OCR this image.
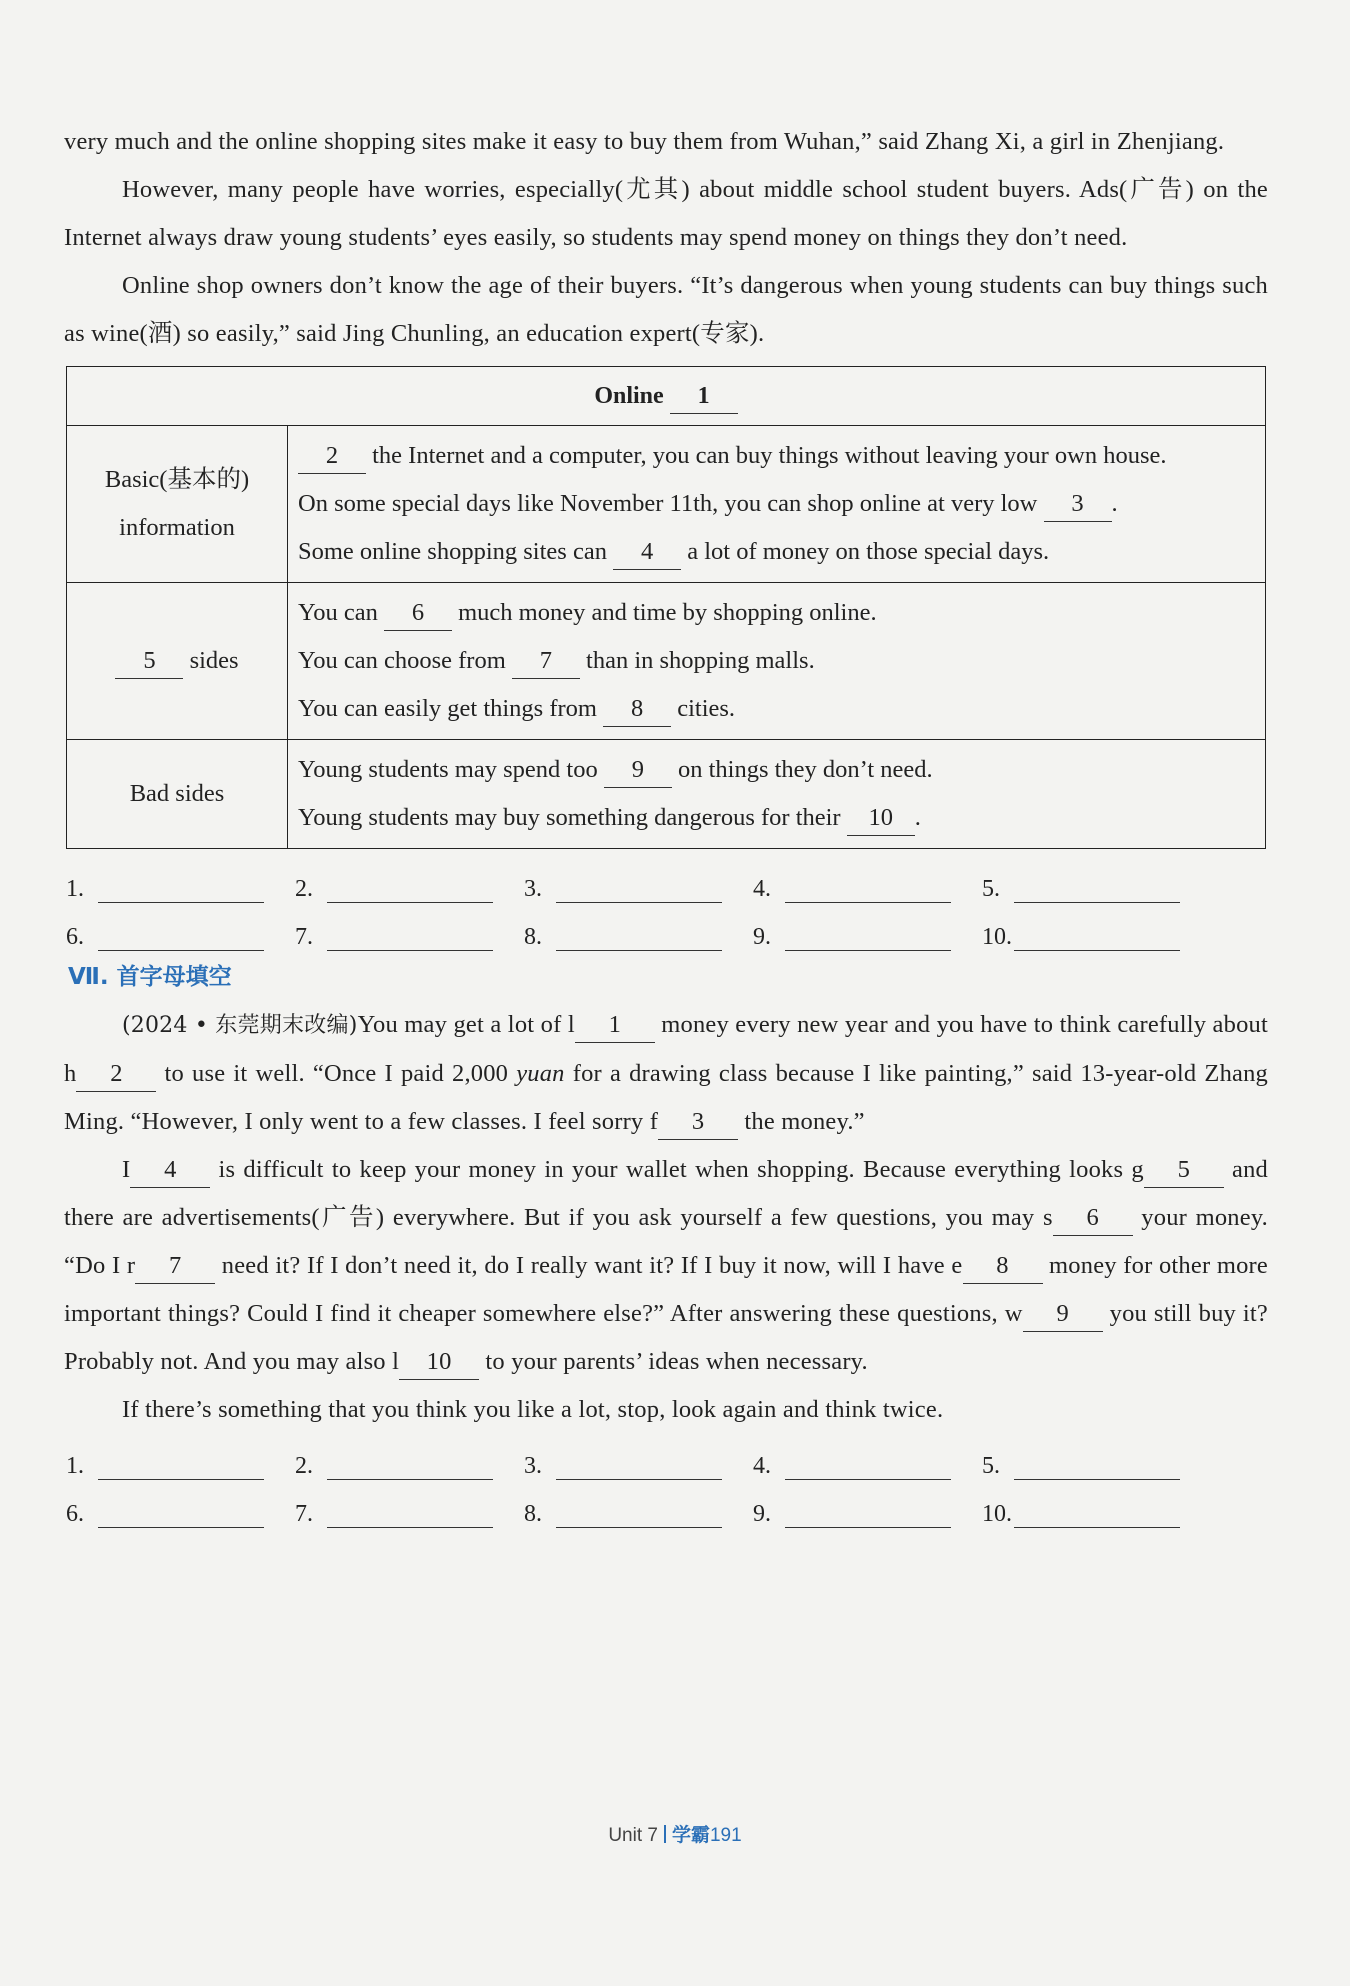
very much and the online shopping sites make it easy to buy them from Wuhan,” said Zhang Xi, a girl in Zhenjiang.

However, many people have worries, especially(尤其) about middle school student buyers. Ads(广告) on the Internet always draw young students’ eyes easily, so students may spend money on things they don’t need.

Online shop owners don’t know the age of their buyers. “It’s dangerous when young students can buy things such as wine(酒) so easily,” said Jing Chunling, an education expert(专家).

Online 1	
Basic(基本的) information	2 the Internet and a computer, you can buy things without leaving your own house.
On some special days like November 11th, you can shop online at very low 3 .
Some online shopping sites can 4 a lot of money on those special days.

5 sides	You can 6 much money and time by shopping online.
You can choose from 7 than in shopping malls.
You can easily get things from 8 cities.

Bad sides	Young students may spend too 9 on things they don’t need.
Young students may buy something dangerous for their 10 .
1.	2.	3.	4.	5.
6.	7.	8.	9.	10.
Ⅶ. 首字母填空

(2024 • 东莞期末改编)You may get a lot of l 1 money every new year and you have to think carefully about h 2 to use it well. “Once I paid 2,000 yuan for a drawing class because I like painting,” said 13-year-old Zhang Ming. “However, I only went to a few classes. I feel sorry f 3 the money.”

I 4 is difficult to keep your money in your wallet when shopping. Because everything looks g 5 and there are advertisements(广告) everywhere. But if you ask yourself a few questions, you may s 6 your money. “Do I r 7 need it? If I don’t need it, do I really want it? If I buy it now, will I have e 8 money for other more important things? Could I find it cheaper somewhere else?” After answering these questions, w 9 you still buy it? Probably not. And you may also l 10 to your parents’ ideas when necessary.

If there’s something that you think you like a lot, stop, look again and think twice.

1.	2.	3.	4.	5.
6.	7.	8.	9.	10.
Unit 7 学霸191
